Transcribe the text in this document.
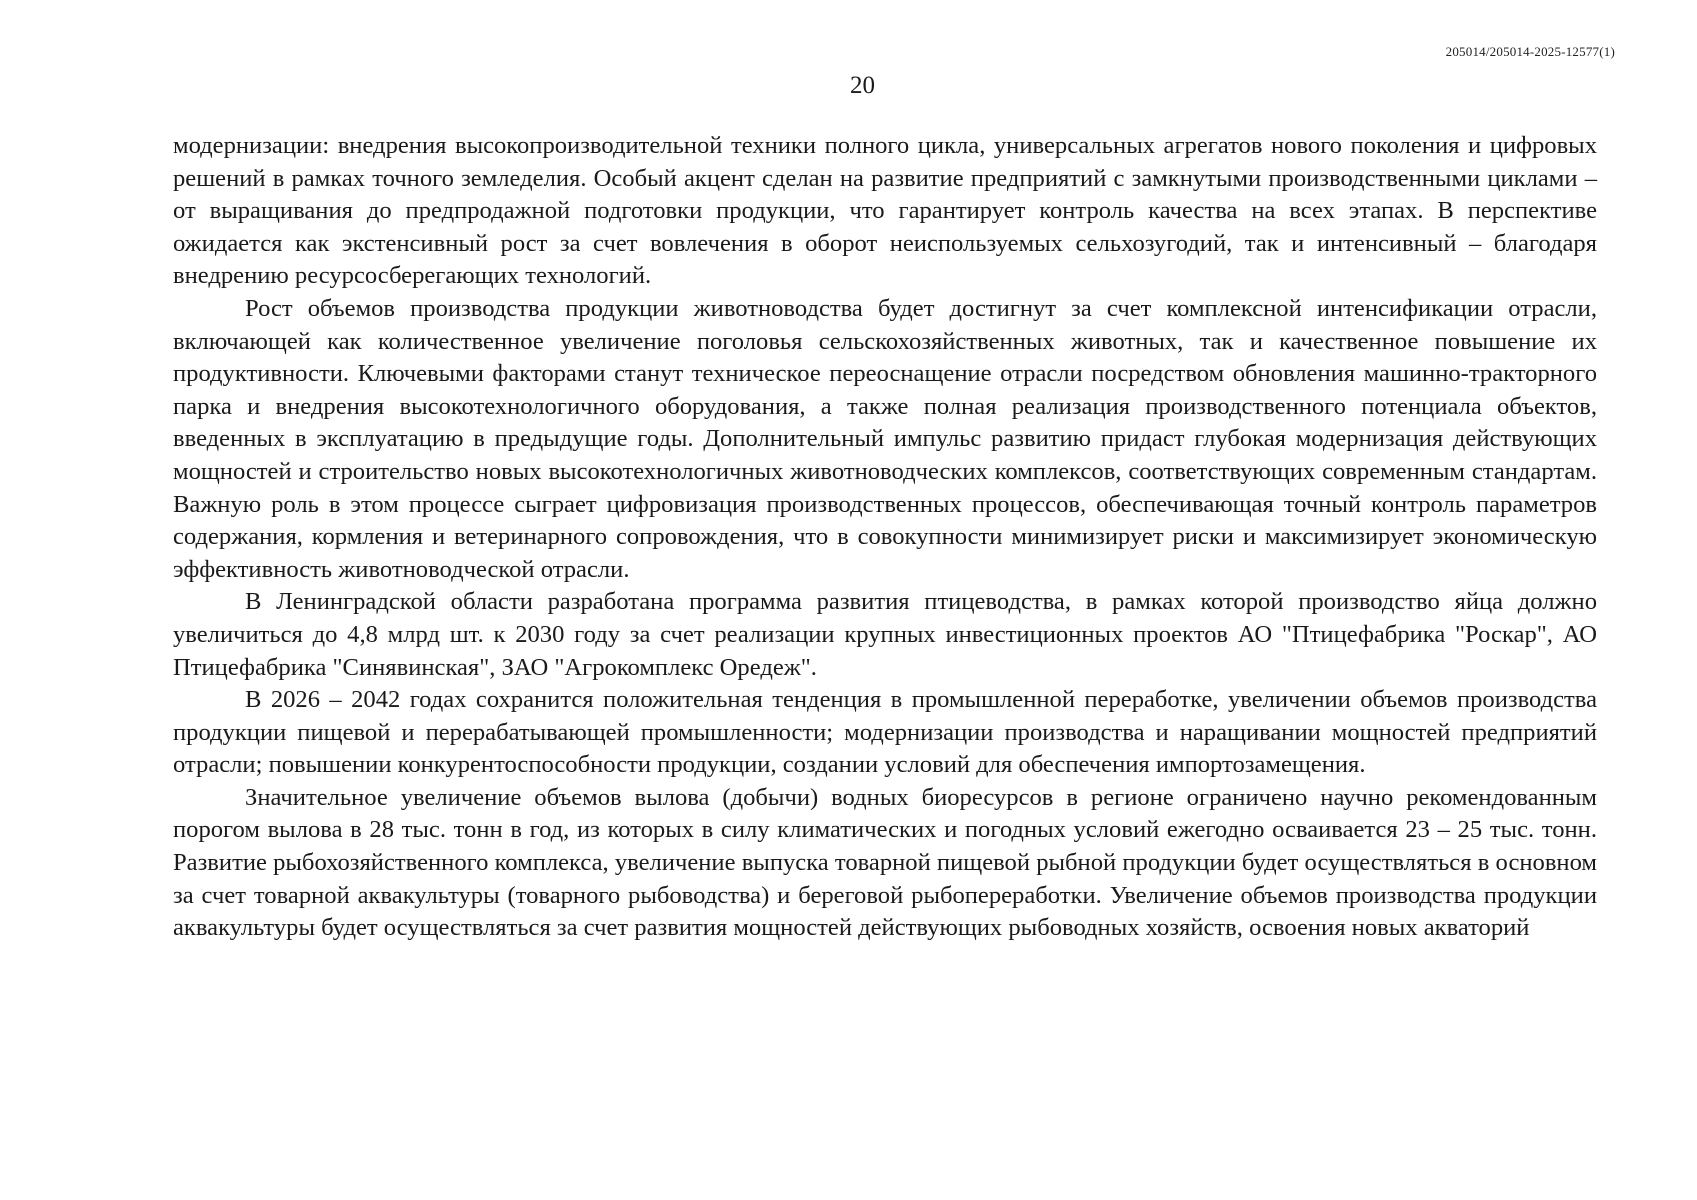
205014/205014-2025-12577(1)
20

модернизации: внедрения высокопроизводительной техники полного цикла, универсальных агрегатов нового поколения и цифровых решений в рамках точного земледелия. Особый акцент сделан на развитие предприятий с замкнутыми производственными циклами – от выращивания до предпродажной подготовки продукции, что гарантирует контроль качества на всех этапах. В перспективе ожидается как экстенсивный рост за счет вовлечения в оборот неиспользуемых сельхозугодий, так и интенсивный – благодаря внедрению ресурсосберегающих технологий.

Рост объемов производства продукции животноводства будет достигнут за счет комплексной интенсификации отрасли, включающей как количественное увеличение поголовья сельскохозяйственных животных, так и качественное повышение их продуктивности. Ключевыми факторами станут техническое переоснащение отрасли посредством обновления машинно-тракторного парка и внедрения высокотехнологичного оборудования, а также полная реализация производственного потенциала объектов, введенных в эксплуатацию в предыдущие годы. Дополнительный импульс развитию придаст глубокая модернизация действующих мощностей и строительство новых высокотехнологичных животноводческих комплексов, соответствующих современным стандартам. Важную роль в этом процессе сыграет цифровизация производственных процессов, обеспечивающая точный контроль параметров содержания, кормления и ветеринарного сопровождения, что в совокупности минимизирует риски и максимизирует экономическую эффективность животноводческой отрасли.

В Ленинградской области разработана программа развития птицеводства, в рамках которой производство яйца должно увеличиться до 4,8 млрд шт. к 2030 году за счет реализации крупных инвестиционных проектов АО "Птицефабрика "Роскар", АО Птицефабрика "Синявинская", ЗАО "Агрокомплекс Оредеж".

В 2026 – 2042 годах сохранится положительная тенденция в промышленной переработке, увеличении объемов производства продукции пищевой и перерабатывающей промышленности; модернизации производства и наращивании мощностей предприятий отрасли; повышении конкурентоспособности продукции, создании условий для обеспечения импортозамещения.

Значительное увеличение объемов вылова (добычи) водных биоресурсов в регионе ограничено научно рекомендованным порогом вылова в 28 тыс. тонн в год, из которых в силу климатических и погодных условий ежегодно осваивается 23 – 25 тыс. тонн. Развитие рыбохозяйственного комплекса, увеличение выпуска товарной пищевой рыбной продукции будет осуществляться в основном за счет товарной аквакультуры (товарного рыбоводства) и береговой рыбопереработки. Увеличение объемов производства продукции аквакультуры будет осуществляться за счет развития мощностей действующих рыбоводных хозяйств, освоения новых акваторий
